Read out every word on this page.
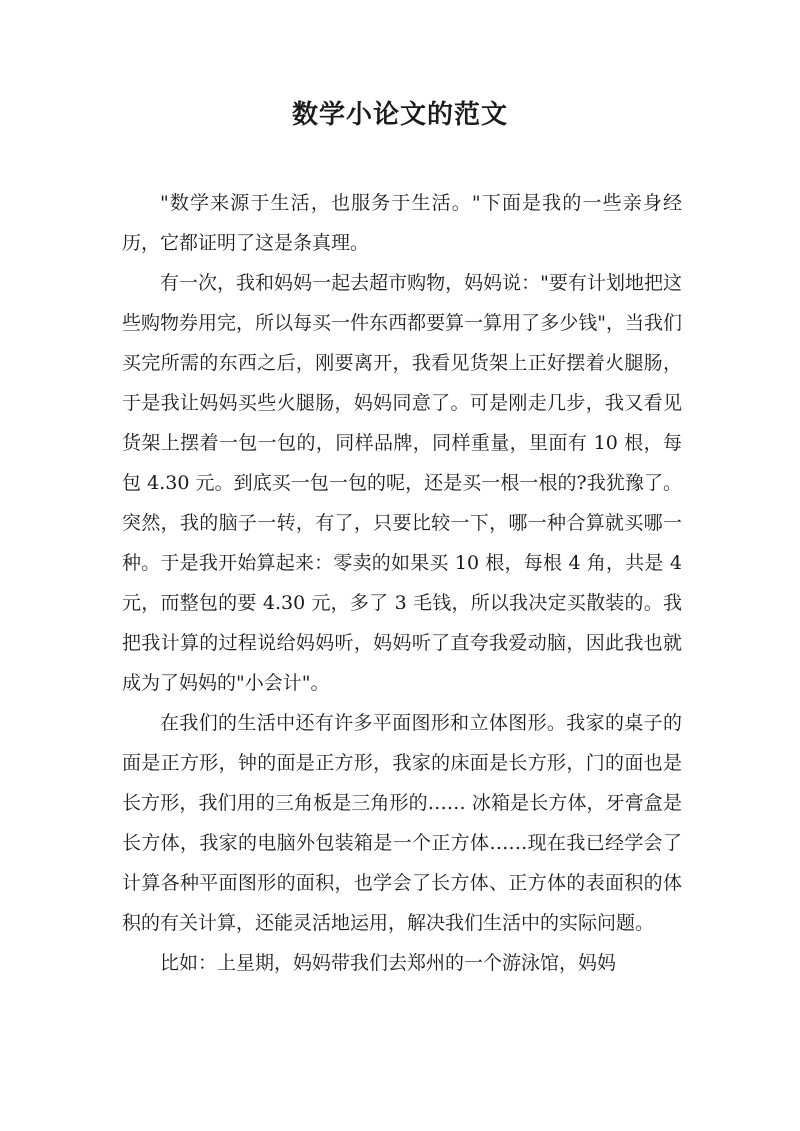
数学小论文的范文

"数学来源于生活，也服务于生活。"下面是我的一些亲身经历，它都证明了这是条真理。

有一次，我和妈妈一起去超市购物，妈妈说："要有计划地把这些购物券用完，所以每买一件东西都要算一算用了多少钱"，当我们买完所需的东西之后，刚要离开，我看见货架上正好摆着火腿肠，于是我让妈妈买些火腿肠，妈妈同意了。可是刚走几步，我又看见货架上摆着一包一包的，同样品牌，同样重量，里面有 10 根，每包 4.30 元。到底买一包一包的呢，还是买一根一根的?我犹豫了。突然，我的脑子一转，有了，只要比较一下，哪一种合算就买哪一种。于是我开始算起来：零卖的如果买 10 根，每根 4 角，共是 4 元，而整包的要 4.30 元，多了 3 毛钱，所以我决定买散装的。我把我计算的过程说给妈妈听，妈妈听了直夸我爱动脑，因此我也就成为了妈妈的"小会计"。

在我们的生活中还有许多平面图形和立体图形。我家的桌子的面是正方形，钟的面是正方形，我家的床面是长方形，门的面也是长方形，我们用的三角板是三角形的…… 冰箱是长方体，牙膏盒是长方体，我家的电脑外包装箱是一个正方体……现在我已经学会了计算各种平面图形的面积，也学会了长方体、正方体的表面积的体积的有关计算，还能灵活地运用，解决我们生活中的实际问题。

比如：上星期，妈妈带我们去郑州的一个游泳馆，妈妈
